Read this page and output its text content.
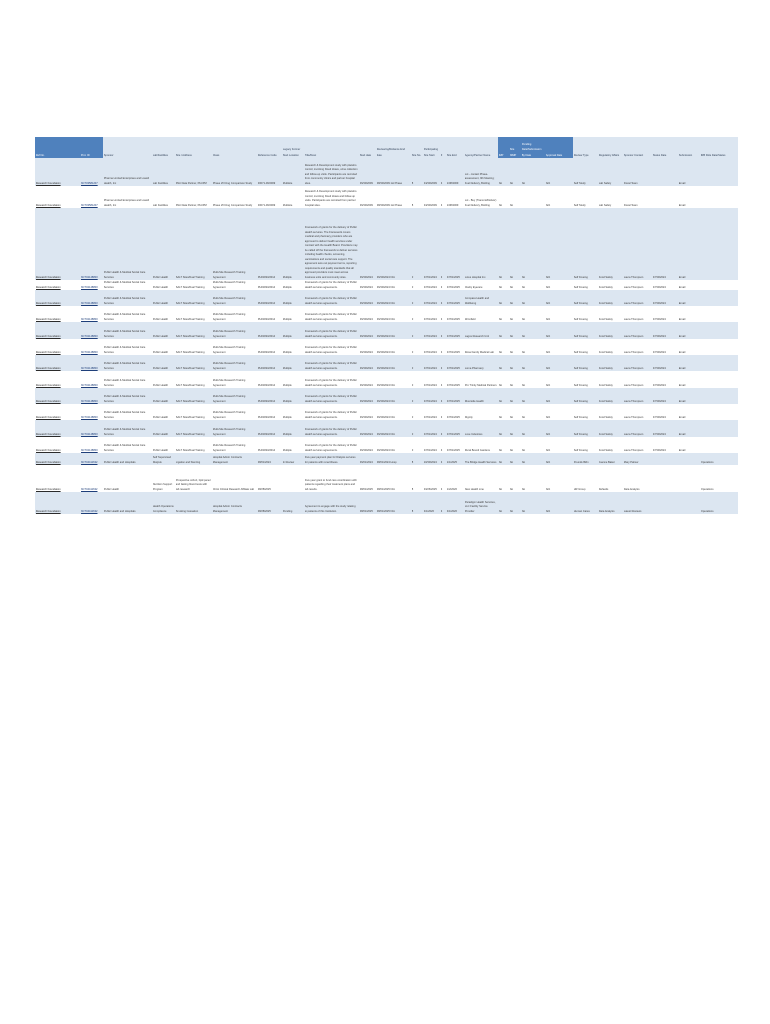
Ref No.	Prot. ID	Sponsor	Lab/Facilities	Site / Address	Class	Reference Code	Legacy Former Start Location	Title/Desc	Start date	Reviewing/Reliance End date	Site No.	Participating Site Start	#	Site End	Agency/Partner Name	IMP	Site NIMP	Pending Date/Submission By Date	Approval Date	Review Type	Regulatory Affairs	Sponsor Contact	Status Date	Submission	IRB Role Date/Status

Research Foundation	NCT03581207	Pharma Limited Enterprises and Lowell Health, Inc	Lab Facilities	Pilot Data Partner, Pbc/PM	Phase I/II Drug Comparison Study	00071-06/2009	Multisite	Research & Development study with placebo control, involving blood draws, urine collection and follow-up visits. Participants are recruited from community clinics and partner hospital sites.	06/30/2009	08/30/2009 1st Phase	8	04/30/2009	3	1/08/2009	Lot - contact Phase-assessment, 9th Meeting; Fuel Delivery, Bottling	No	No	No	N/A	Self Study	Lab Safety	Fiscal Team		Email	

Research Foundation	NCT03581207	Pharma Limited Enterprises and Lowell Health, Inc	Lab Facilities	Pilot Data Partner, Pbc/PM	Phase I/II Drug Comparison Study	00071-06/2009	Multisite	Research & Development study with placebo control, involving blood draws and follow-up visits. Participants are recruited from partner hospital sites.	06/30/2009	08/30/2009 1st Phase	8	04/30/2009	3	1/08/2009	Lot - Buy (Transmit/Deliver) Fuel Delivery, Bottling	No	No		N/A	Self Study	Lab Safety	Fiscal Team		Email	

Research Foundation	NCT02148800	Public Health & Medical Social Care Services	Public Health	SALT Sites/Dual Training	Multi-Site Research Training Agreement	PH01823/2014	Multiple	Framework of grants for the delivery of Public Health services. The Framework covers medical and pharmacy providers who are approved to deliver health services under contract with the Health Board. Providers may be called off the framework to deliver services including health checks, screening, vaccinations and social care support. The agreement sets out payment terms, reporting requirements and quality standards that all approved providers must meet across business units and community sites.	06/30/2024	06/30/2024 N/A	0	07/01/2024	3	07/01/2025	Lotus Hospital Inc.	No	No	No	N/A	Self Freeing	Food Safety	Laura Thompson	07/30/2024	Email	

Research Foundation	NCT02148800	Public Health & Medical Social Care Services	Public Health	SALT Sites/Dual Training	Multi-Site Research Training Agreement	PH01823/2014	Multiple	Framework of grants for the delivery of Public Health services agreements.	06/30/2024	06/30/2024 N/A	0	07/01/2024	3	07/01/2025	Clarity Eyecare	No	No	No	N/A	Self Freeing	Food Safety	Laura Thompson	07/30/2024	Email	

Research Foundation	NCT02148800	Public Health & Medical Social Care Services	Public Health	SALT Sites/Dual Training	Multi-Site Research Training Agreement	PH01823/2014	Multiple	Framework of grants for the delivery of Public Health services agreements.	06/30/2024	06/30/2024 N/A	0	07/01/2024	3	07/01/2025	Compass Health and Wellbeing	No	No	No	N/A	Self Freeing	Food Safety	Laura Thompson	07/30/2024	Email	

Research Foundation	NCT02148800	Public Health & Medical Social Care Services	Public Health	SALT Sites/Dual Training	Multi-Site Research Training Agreement	PH01823/2014	Multiple	Framework of grants for the delivery of Public Health services agreements.	06/30/2024	06/30/2024 N/A	0	07/01/2024	3	07/01/2025	Winnfield	No	No	No	N/A	Self Freeing	Food Safety	Laura Thompson	07/30/2024	Email	

Research Foundation	NCT02148800	Public Health & Medical Social Care Services	Public Health	SALT Sites/Dual Training	Multi-Site Research Training Agreement	PH01823/2014	Multiple	Framework of grants for the delivery of Public Health services agreements.	06/30/2024	06/30/2024 N/A	0	07/01/2024	3	07/01/2025	Lagos Research Unit	No	No	No	N/A	Self Freeing	Food Safety	Laura Thompson	07/30/2024	Email	

Research Foundation	NCT02148800	Public Health & Medical Social Care Services	Public Health	SALT Sites/Dual Training	Multi-Site Research Training Agreement	PH01823/2014	Multiple	Framework of grants for the delivery of Public Health services agreements.	06/30/2024	06/30/2024 N/A	0	07/01/2024	3	07/01/2025	Rosa Family Medical Lab	No	No	No	N/A	Self Freeing	Food Safety	Laura Thompson	07/30/2024	Email	

Research Foundation	NCT02148800	Public Health & Medical Social Care Services	Public Health	SALT Sites/Dual Training	Multi-Site Research Training Agreement	PH01823/2014	Multiple	Framework of grants for the delivery of Public Health services agreements.	06/30/2024	06/30/2024 N/A	0	07/01/2024	3	07/01/2025	Loma Pharmacy	No	No	No	N/A	Self Freeing	Food Safety	Laura Thompson	07/30/2024	Email	

Research Foundation	NCT02148800	Public Health & Medical Social Care Services	Public Health	SALT Sites/Dual Training	Multi-Site Research Training Agreement	PH01823/2014	Multiple	Framework of grants for the delivery of Public Health services agreements.	06/30/2024	06/30/2024 N/A	0	07/01/2024	3	07/01/2025	Pro Trinity Medical Partners	No	No	No	N/A	Self Freeing	Food Safety	Laura Thompson	07/30/2024	Email	

Research Foundation	NCT02148800	Public Health & Medical Social Care Services	Public Health	SALT Sites/Dual Training	Multi-Site Research Training Agreement	PH01823/2014	Multiple	Framework of grants for the delivery of Public Health services agreements.	06/30/2024	06/30/2024 N/A	0	07/01/2024	3	07/01/2025	Riverside Health	No	No	No	N/A	Self Freeing	Food Safety	Laura Thompson	07/30/2024	Email	

Research Foundation	NCT02148800	Public Health & Medical Social Care Services	Public Health	SALT Sites/Dual Training	Multi-Site Research Training Agreement	PH01823/2014	Multiple	Framework of grants for the delivery of Public Health services agreements.	06/30/2024	06/30/2024 N/A	0	07/01/2024	3	07/01/2025	Dignity	No	No	No	N/A	Self Freeing	Food Safety	Laura Thompson	07/30/2024	Email	

Research Foundation	NCT02148800	Public Health & Medical Social Care Services	Public Health	SALT Sites/Dual Training	Multi-Site Research Training Agreement	PH01823/2014	Multiple	Framework of grants for the delivery of Public Health services agreements.	06/30/2024	06/30/2024 N/A	0	07/01/2024	3	07/01/2025	Luxe Industries	No	No	No	N/A	Self Freeing	Food Safety	Laura Thompson	07/30/2024	Email	

Research Foundation	NCT02148800	Public Health & Medical Social Care Services	Public Health	SALT Sites/Dual Training	Multi-Site Research Training Agreement	PH01823/2014	Multiple	Framework of grants for the delivery of Public Health services agreements.	06/30/2024	06/30/2024 N/A	0	07/01/2024	3	07/01/2025	Rural Bound Gardens	No	No	No	N/A	Self Freeing	Food Safety	Laura Thompson	07/30/2024	Email	

Research Foundation	NCT04411632	Public Health and Hospitals	Self Supervised Dialysis	Ligation and Stenting	Hospital Admin Contracts Management	08/01/2024	In Review	Five-year payment plan for Dialysis services for patients with renal illness.	06/01/2024	08/01/2024 Hosp	8	10/30/2024	3	1/1/2025	The Bridge Health Services	No	No	No	N/A	Pounds Bldn	Joanne Baker	Mary Palmer			Operations

Research Foundation	NCT04411632	Public Health	Nutrition Support Program	Prospective cohort, lipid panel and fasting blood tests with lab research	Clinic Clinical Research Affiliate Lab	08/28/2025		Five-year grant to fund care coordination with patients regarding their treatment plans and lab results.	08/01/2025	08/01/2025 N/A	8	03/26/2025	3	1/2/2026	New Health Line	No	No	No	N/A	HR Group	Defaults	Data Analysis			Operations

Research Foundation	NCT04411632	Public Health and Hospitals	Health Operations Compliance	Smoking Cessation	Hospital Admin Contracts Management	08/28/2025	Pending	Agreement to engage with the study relating to patients of this Institution.	08/01/2025	08/01/2025 N/A	8	4/1/2026	3	4/1/2026	Paradigm Health Services, LLC Facility Service Provider	No	No	No	N/A	Human Cares	Data Analysis	Latest Reviews			Operations
